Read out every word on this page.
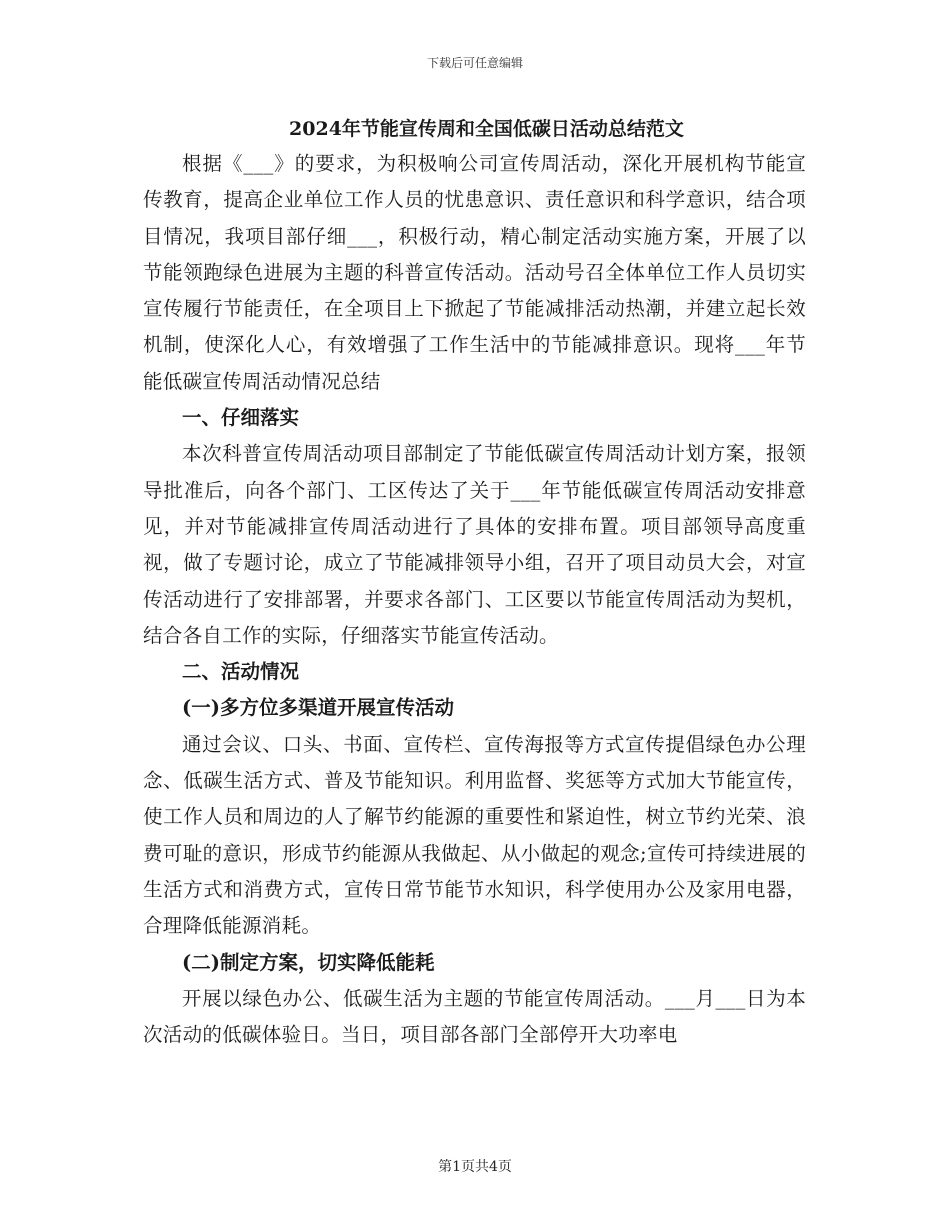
下载后可任意编辑
2024年节能宣传周和全国低碳日活动总结范文

根据《___》的要求，为积极响公司宣传周活动，深化开展机构节能宣传教育，提高企业单位工作人员的忧患意识、责任意识和科学意识，结合项目情况，我项目部仔细___，积极行动，精心制定活动实施方案，开展了以节能领跑绿色进展为主题的科普宣传活动。活动号召全体单位工作人员切实宣传履行节能责任，在全项目上下掀起了节能减排活动热潮，并建立起长效机制，使深化人心，有效增强了工作生活中的节能减排意识。现将___年节能低碳宣传周活动情况总结

一、仔细落实

本次科普宣传周活动项目部制定了节能低碳宣传周活动计划方案，报领导批准后，向各个部门、工区传达了关于___年节能低碳宣传周活动安排意见，并对节能减排宣传周活动进行了具体的安排布置。项目部领导高度重视，做了专题讨论，成立了节能减排领导小组，召开了项目动员大会，对宣传活动进行了安排部署，并要求各部门、工区要以节能宣传周活动为契机，结合各自工作的实际，仔细落实节能宣传活动。

二、活动情况
(一)多方位多渠道开展宣传活动

通过会议、口头、书面、宣传栏、宣传海报等方式宣传提倡绿色办公理念、低碳生活方式、普及节能知识。利用监督、奖惩等方式加大节能宣传，使工作人员和周边的人了解节约能源的重要性和紧迫性，树立节约光荣、浪费可耻的意识，形成节约能源从我做起、从小做起的观念;宣传可持续进展的生活方式和消费方式，宣传日常节能节水知识，科学使用办公及家用电器，合理降低能源消耗。

(二)制定方案，切实降低能耗

开展以绿色办公、低碳生活为主题的节能宣传周活动。___月___日为本次活动的低碳体验日。当日，项目部各部门全部停开大功率电

第1页共4页
